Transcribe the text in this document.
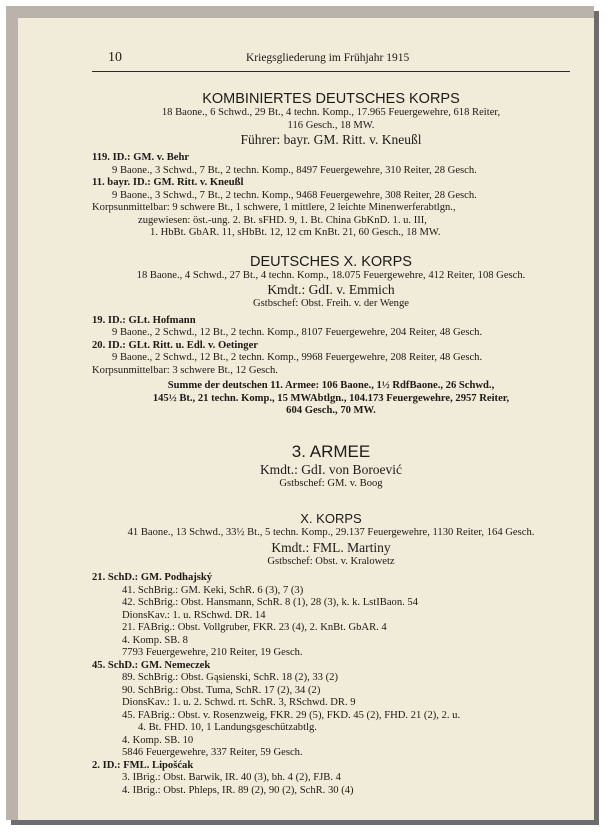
10	Kriegsgliederung im Frühjahr 1915
KOMBINIERTES DEUTSCHES KORPS
18 Baone., 6 Schwd., 29 Bt., 4 techn. Komp., 17.965 Feuergewehre, 618 Reiter,
116 Gesch., 18 MW.
Führer: bayr. GM. Ritt. v. Kneußl
119. ID.: GM. v. Behr
9 Baone., 3 Schwd., 7 Bt., 2 techn. Komp., 8497 Feuergewehre, 310 Reiter, 28 Gesch.
11. bayr. ID.: GM. Ritt. v. Kneußl
9 Baone., 3 Schwd., 7 Bt., 2 techn. Komp., 9468 Feuergewehre, 308 Reiter, 28 Gesch.
Korpsunmittelbar: 9 schwere Bt., 1 schwere, 1 mittlere, 2 leichte Minenwerferabtlgn.,
zugewiesen: öst.-ung. 2. Bt. sFHD. 9, 1. Bt. China GbKnD. 1. u. III,
1. HbBt. GbAR. 11, sHbBt. 12, 12 cm KnBt. 21, 60 Gesch., 18 MW.
DEUTSCHES X. KORPS
18 Baone., 4 Schwd., 27 Bt., 4 techn. Komp., 18.075 Feuergewehre, 412 Reiter, 108 Gesch.
Kmdt.: GdI. v. Emmich
Gstbschef: Obst. Freih. v. der Wenge
19. ID.: GLt. Hofmann
9 Baone., 2 Schwd., 12 Bt., 2 techn. Komp., 8107 Feuergewehre, 204 Reiter, 48 Gesch.
20. ID.: GLt. Ritt. u. Edl. v. Oetinger
9 Baone., 2 Schwd., 12 Bt., 2 techn. Komp., 9968 Feuergewehre, 208 Reiter, 48 Gesch.
Korpsunmittelbar: 3 schwere Bt., 12 Gesch.
Summe der deutschen 11. Armee: 106 Baone., 1½ RdfBaone., 26 Schwd.,
145½ Bt., 21 techn. Komp., 15 MWAbtlgn., 104.173 Feuergewehre, 2957 Reiter,
604 Gesch., 70 MW.
3. ARMEE
Kmdt.: GdI. von Boroević
Gstbschef: GM. v. Boog
X. KORPS
41 Baone., 13 Schwd., 33½ Bt., 5 techn. Komp., 29.137 Feuergewehre, 1130 Reiter, 164 Gesch.
Kmdt.: FML. Martiny
Gstbschef: Obst. v. Kralowetz
21. SchD.: GM. Podhajský
41. SchBrig.: GM. Keki, SchR. 6 (3), 7 (3)
42. SchBrig.: Obst. Hansmann, SchR. 8 (1), 28 (3), k. k. LstIBaon. 54
DionsKav.: 1. u. RSchwd. DR. 14
21. FABrig.: Obst. Vollgruber, FKR. 23 (4), 2. KnBt. GbAR. 4
4. Komp. SB. 8
7793 Feuergewehre, 210 Reiter, 19 Gesch.
45. SchD.: GM. Nemeczek
89. SchBrig.: Obst. Gąsienski, SchR. 18 (2), 33 (2)
90. SchBrig.: Obst. Tuma, SchR. 17 (2), 34 (2)
DionsKav.: 1. u. 2. Schwd. rt. SchR. 3, RSchwd. DR. 9
45. FABrig.: Obst. v. Rosenzweig, FKR. 29 (5), FKD. 45 (2), FHD. 21 (2), 2. u.
4. Bt. FHD. 10, 1 Landungsgeschützabtlg.
4. Komp. SB. 10
5846 Feuergewehre, 337 Reiter, 59 Gesch.
2. ID.: FML. Lipošćak
3. IBrig.: Obst. Barwik, IR. 40 (3), bh. 4 (2), FJB. 4
4. IBrig.: Obst. Phleps, IR. 89 (2), 90 (2), SchR. 30 (4)
